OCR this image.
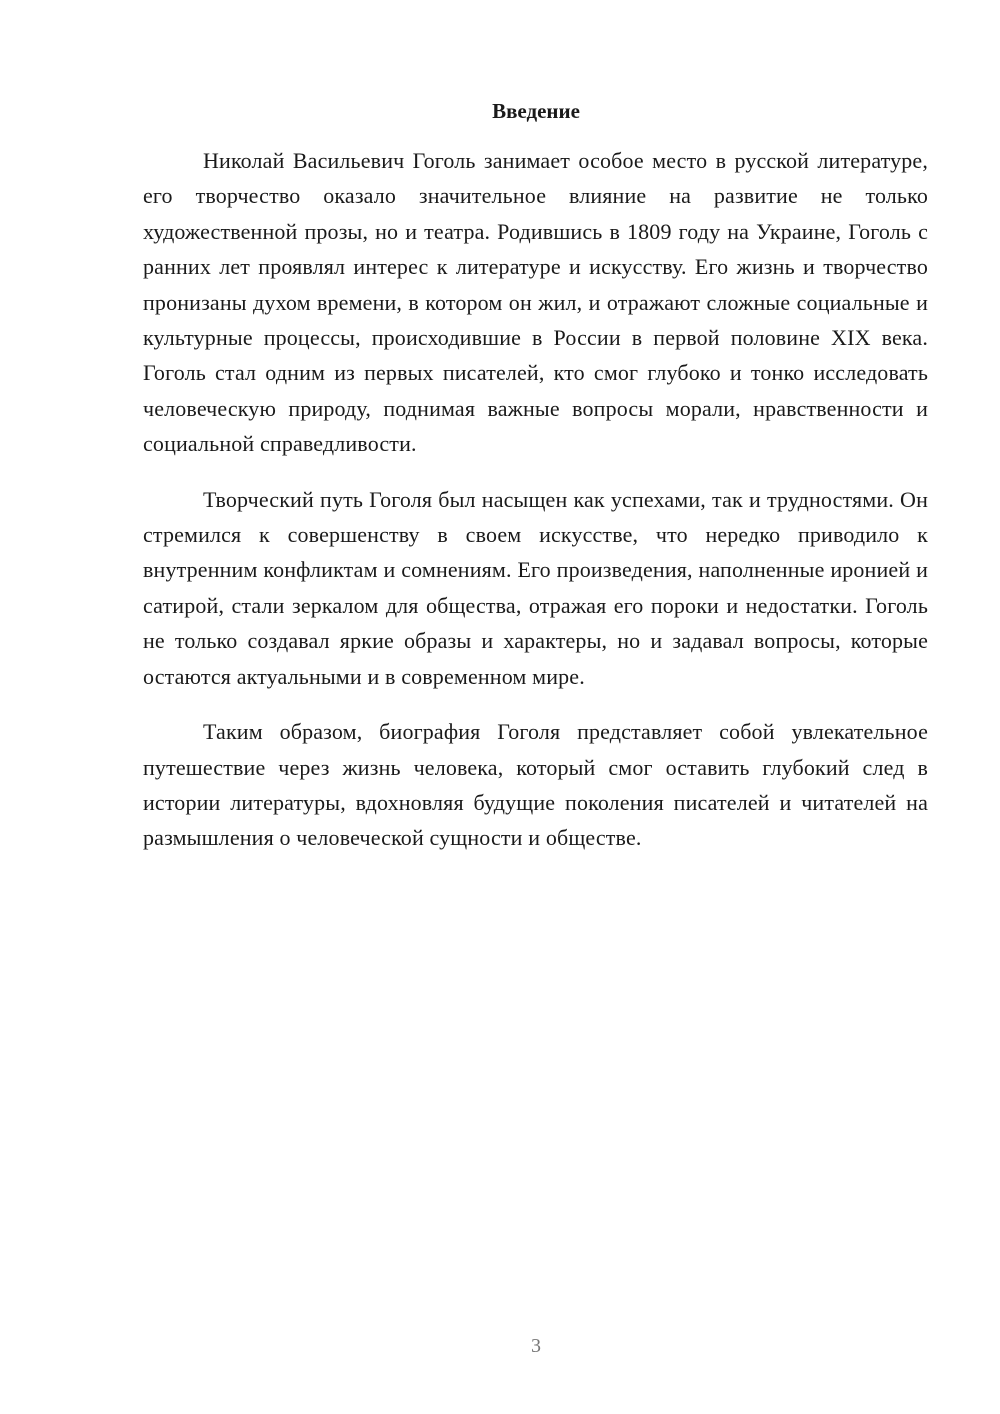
Введение

Николай Васильевич Гоголь занимает особое место в русской литературе, его творчество оказало значительное влияние на развитие не только художественной прозы, но и театра. Родившись в 1809 году на Украине, Гоголь с ранних лет проявлял интерес к литературе и искусству. Его жизнь и творчество пронизаны духом времени, в котором он жил, и отражают сложные социальные и культурные процессы, происходившие в России в первой половине XIX века. Гоголь стал одним из первых писателей, кто смог глубоко и тонко исследовать человеческую природу, поднимая важные вопросы морали, нравственности и социальной справедливости.

Творческий путь Гоголя был насыщен как успехами, так и трудностями. Он стремился к совершенству в своем искусстве, что нередко приводило к внутренним конфликтам и сомнениям. Его произведения, наполненные иронией и сатирой, стали зеркалом для общества, отражая его пороки и недостатки. Гоголь не только создавал яркие образы и характеры, но и задавал вопросы, которые остаются актуальными и в современном мире.

Таким образом, биография Гоголя представляет собой увлекательное путешествие через жизнь человека, который смог оставить глубокий след в истории литературы, вдохновляя будущие поколения писателей и читателей на размышления о человеческой сущности и обществе.

3
